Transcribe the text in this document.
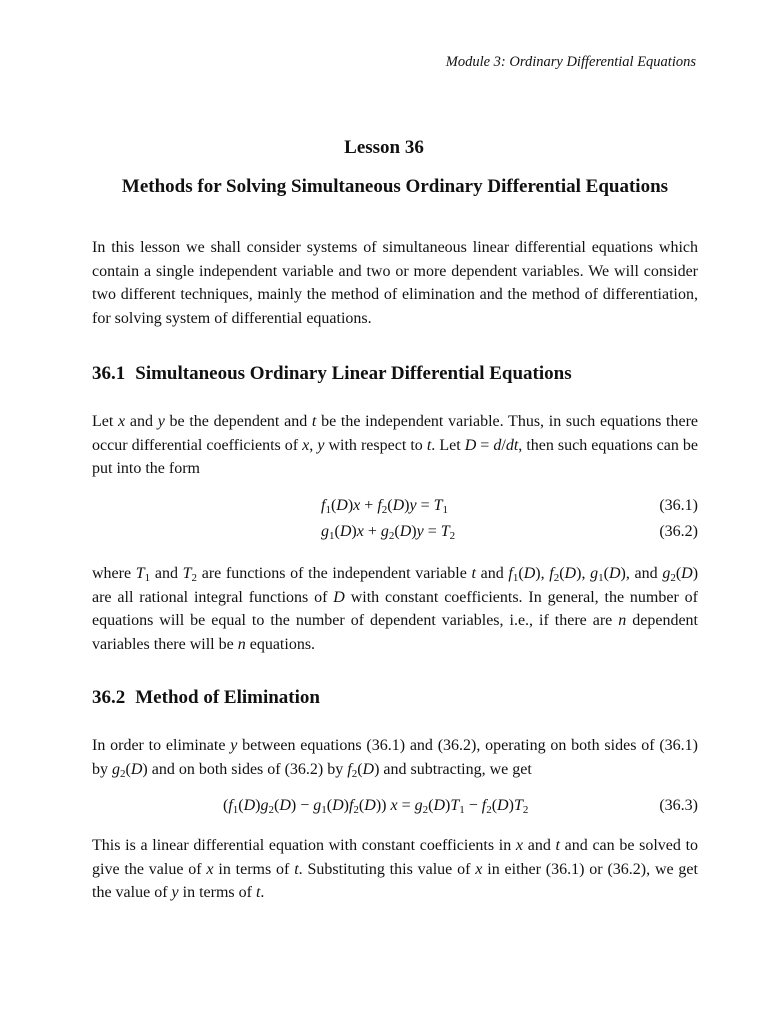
Module 3: Ordinary Differential Equations
Lesson 36
Methods for Solving Simultaneous Ordinary Differential Equations

In this lesson we shall consider systems of simultaneous linear differential equations which contain a single independent variable and two or more dependent variables. We will consider two different techniques, mainly the method of elimination and the method of differentiation, for solving system of differential equations.

36.1 Simultaneous Ordinary Linear Differential Equations

Let x and y be the dependent and t be the independent variable. Thus, in such equations there occur differential coefficients of x, y with respect to t. Let D = d/dt, then such equations can be put into the form

$f_1(D)x + f_2(D)y = T_1$	(36.1)
$g_1(D)x + g_2(D)y = T_2$	(36.2)

where $T_1$ and $T_2$ are functions of the independent variable t and $f_1(D)$, $f_2(D)$, $g_1(D)$, and $g_2(D)$ are all rational integral functions of D with constant coefficients. In general, the number of equations will be equal to the number of dependent variables, i.e., if there are n dependent variables there will be n equations.

36.2 Method of Elimination

In order to eliminate y between equations (36.1) and (36.2), operating on both sides of (36.1) by $g_2(D)$ and on both sides of (36.2) by $f_2(D)$ and subtracting, we get

$(f_1(D)g_2(D) - g_1(D)f_2(D)) x = g_2(D)T_1 - f_2(D)T_2$	(36.3)

This is a linear differential equation with constant coefficients in x and t and can be solved to give the value of x in terms of t. Substituting this value of x in either (36.1) or (36.2), we get the value of y in terms of t.
